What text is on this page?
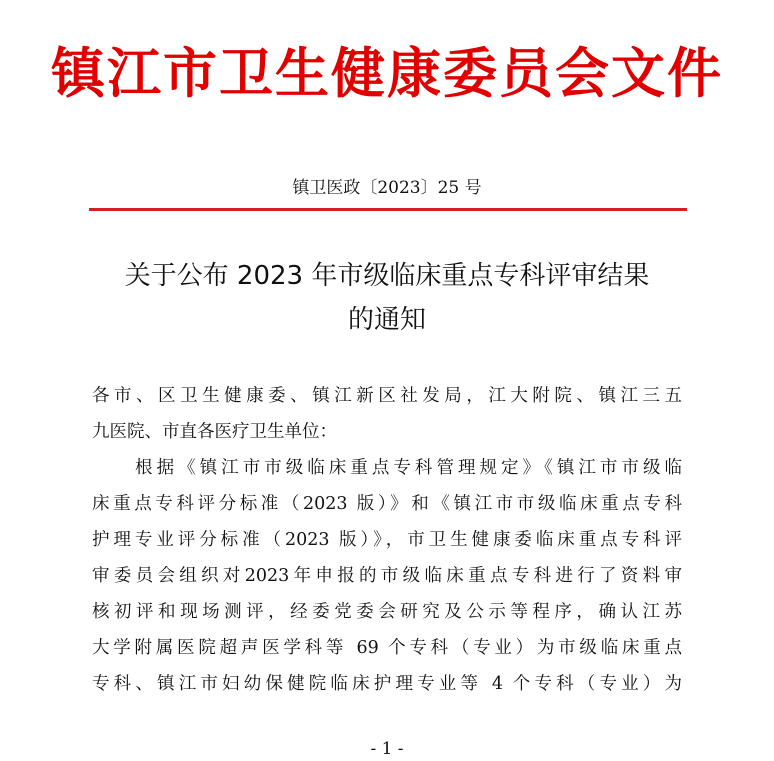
镇江市卫生健康委员会文件
镇卫医政〔2023〕25 号
关于公布 2023 年市级临床重点专科评审结果
的通知
各市、区卫生健康委、镇江新区社发局，江大附院、镇江三五
九医院、市直各医疗卫生单位：
　　根据《镇江市市级临床重点专科管理规定》《镇江市市级临
床重点专科评分标准（2023 版）》和《镇江市市级临床重点专科
护理专业评分标准（2023 版）》，市卫生健康委临床重点专科评
审委员会组织对2023年申报的市级临床重点专科进行了资料审
核初评和现场测评，经委党委会研究及公示等程序，确认江苏
大学附属医院超声医学科等 69 个专科（专业）为市级临床重点
专科、镇江市妇幼保健院临床护理专业等 4 个专科（专业）为
- 1 -
